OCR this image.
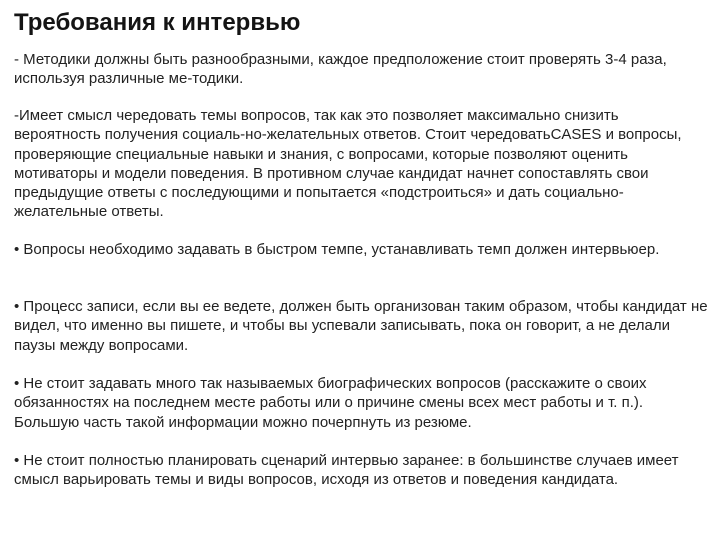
Требования к интервью

- Методики должны быть разнообразными, каждое предположение стоит проверять 3-4 раза, используя различные ме-тодики.

-Имеет смысл чередовать темы вопросов, так как это позволяет максимально снизить вероятность получения социаль-но-желательных ответов. Стоит чередоватьCASES и вопросы, проверяющие специальные навыки и знания, с вопросами, которые позволяют оценить мотиваторы и модели поведения. В противном случае кандидат начнет сопоставлять свои предыдущие ответы с последующими и попытается «подстроиться» и дать социально-желательные ответы.

• Вопросы необходимо задавать в быстром темпе, устанавливать темп должен интервьюер.

• Процесс записи, если вы ее ведете, должен быть организован таким образом, чтобы кандидат не видел, что именно вы пишете, и чтобы вы успевали записывать, пока он говорит, а не делали паузы между вопросами.

• Не стоит задавать много так называемых биографических вопросов (расскажите о своих обязанностях на последнем месте работы или о причине смены всех мест работы и т. п.). Большую часть такой информации можно почерпнуть из резюме.

• Не стоит полностью планировать сценарий интервью заранее: в большинстве случаев имеет смысл варьировать темы и виды вопросов, исходя из ответов и поведения кандидата.
